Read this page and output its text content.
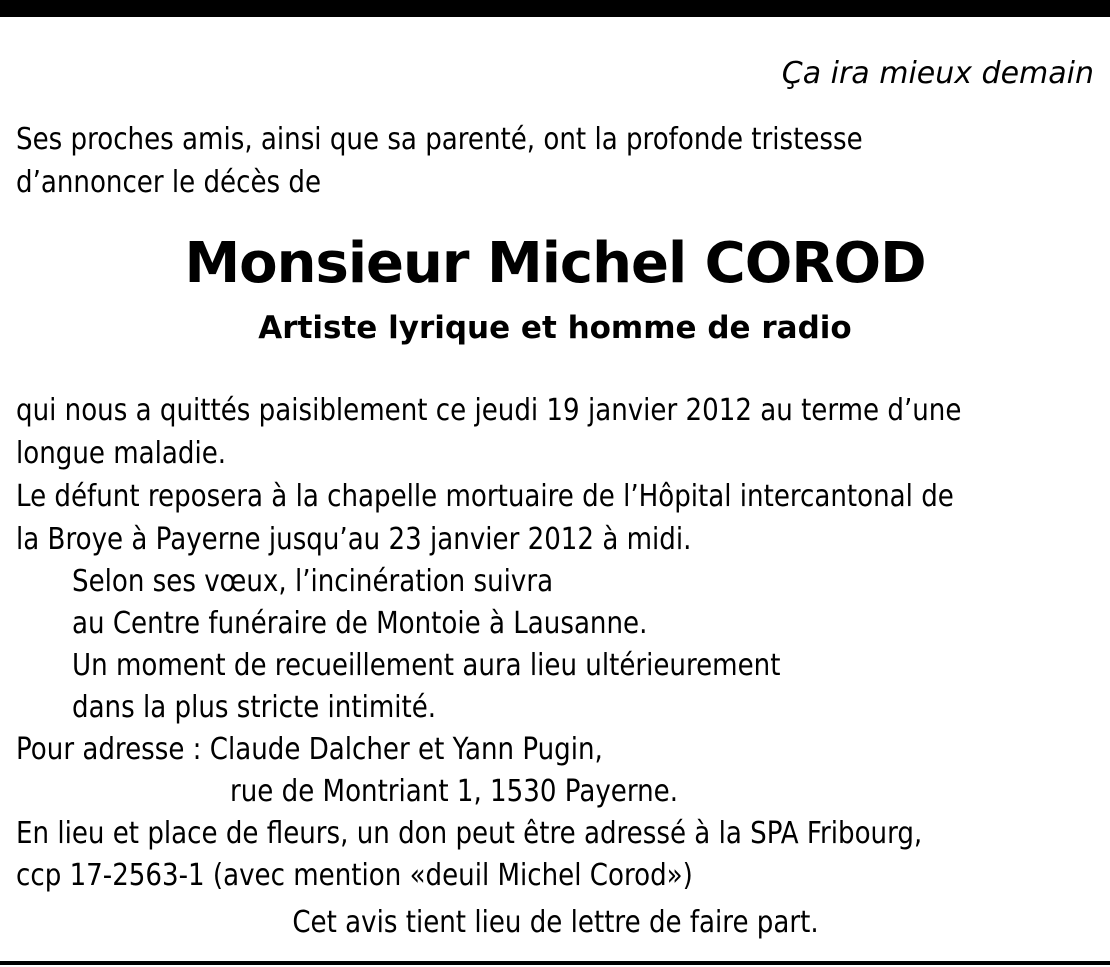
Ça ira mieux demain
Ses proches amis, ainsi que sa parenté, ont la profonde tristesse
d’annoncer le décès de
Monsieur Michel COROD
Artiste lyrique et homme de radio
qui nous a quittés paisiblement ce jeudi 19 janvier 2012 au terme d’une
longue maladie.
Le défunt reposera à la chapelle mortuaire de l’Hôpital intercantonal de
la Broye à Payerne jusqu’au 23 janvier 2012 à midi.
Selon ses vœux, l’incinération suivra
au Centre funéraire de Montoie à Lausanne.
Un moment de recueillement aura lieu ultérieurement
dans la plus stricte intimité.
Pour adresse : Claude Dalcher et Yann Pugin,
rue de Montriant 1, 1530 Payerne.
En lieu et place de fleurs, un don peut être adressé à la SPA Fribourg,
ccp 17-2563-1 (avec mention «deuil Michel Corod»)
Cet avis tient lieu de lettre de faire part.
